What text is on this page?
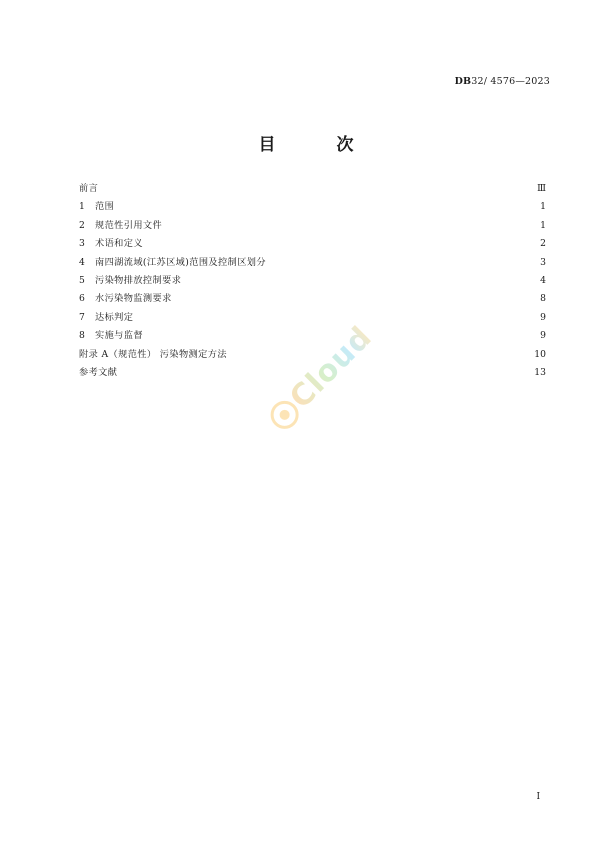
DB32/ 4576—2023
目　次
前言 ·····	Ⅲ
1	范围 ·····	1
2	规范性引用文件 ·····	1
3	术语和定义 ·····	2
4	南四湖流域(江苏区域)范围及控制区划分 ·····	3
5	污染物排放控制要求 ·····	4
6	水污染物监测要求 ·····	8
7	达标判定 ·····	9
8	实施与监督 ·····	9
附录 A（规范性） 污染物测定方法 ·····	10
参考文献 ·····	13
Cloud
I
